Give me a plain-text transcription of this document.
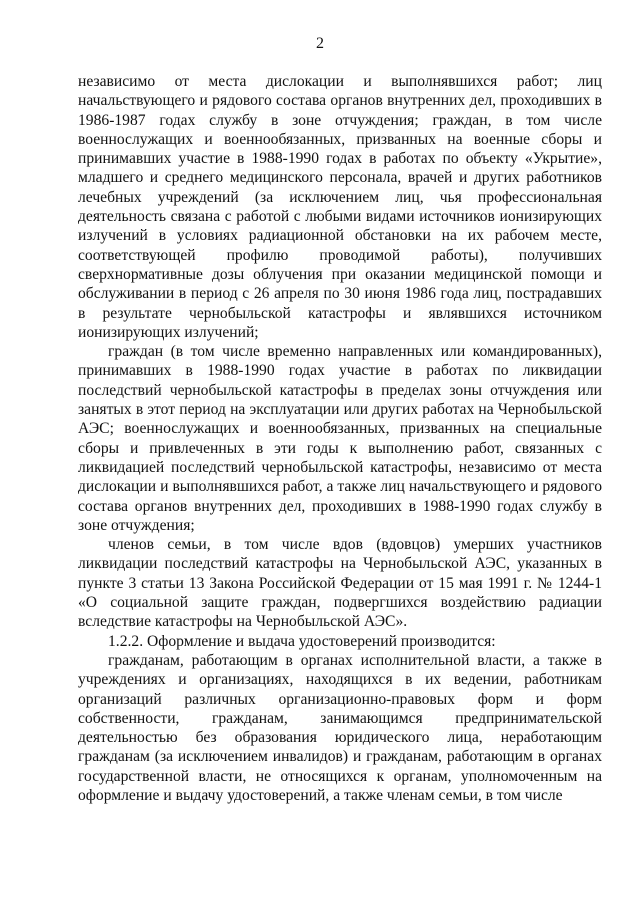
2

независимо от места дислокации и выполнявшихся работ; лиц начальствующего и рядового состава органов внутренних дел, проходивших в 1986-1987 годах службу в зоне отчуждения; граждан, в том числе военнослужащих и военнообязанных, призванных на военные сборы и принимавших участие в 1988-1990 годах в работах по объекту «Укрытие», младшего и среднего медицинского персонала, врачей и других работников лечебных учреждений (за исключением лиц, чья профессиональная деятельность связана с работой с любыми видами источников ионизирующих излучений в условиях радиационной обстановки на их рабочем месте, соответствующей профилю проводимой работы), получивших сверхнормативные дозы облучения при оказании медицинской помощи и обслуживании в период с 26 апреля по 30 июня 1986 года лиц, пострадавших в результате чернобыльской катастрофы и являвшихся источником ионизирующих излучений;

граждан (в том числе временно направленных или командированных), принимавших в 1988-1990 годах участие в работах по ликвидации последствий чернобыльской катастрофы в пределах зоны отчуждения или занятых в этот период на эксплуатации или других работах на Чернобыльской АЭС; военнослужащих и военнообязанных, призванных на специальные сборы и привлеченных в эти годы к выполнению работ, связанных с ликвидацией последствий чернобыльской катастрофы, независимо от места дислокации и выполнявшихся работ, а также лиц начальствующего и рядового состава органов внутренних дел, проходивших в 1988-1990 годах службу в зоне отчуждения;

членов семьи, в том числе вдов (вдовцов) умерших участников ликвидации последствий катастрофы на Чернобыльской АЭС, указанных в пункте 3 статьи 13 Закона Российской Федерации от 15 мая 1991 г. № 1244-1 «О социальной защите граждан, подвергшихся воздействию радиации вследствие катастрофы на Чернобыльской АЭС».

1.2.2. Оформление и выдача удостоверений производится:

гражданам, работающим в органах исполнительной власти, а также в учреждениях и организациях, находящихся в их ведении, работникам организаций различных организационно-правовых форм и форм собственности, гражданам, занимающимся предпринимательской деятельностью без образования юридического лица, неработающим гражданам (за исключением инвалидов) и гражданам, работающим в органах государственной власти, не относящихся к органам, уполномоченным на оформление и выдачу удостоверений, а также членам семьи, в том числе
